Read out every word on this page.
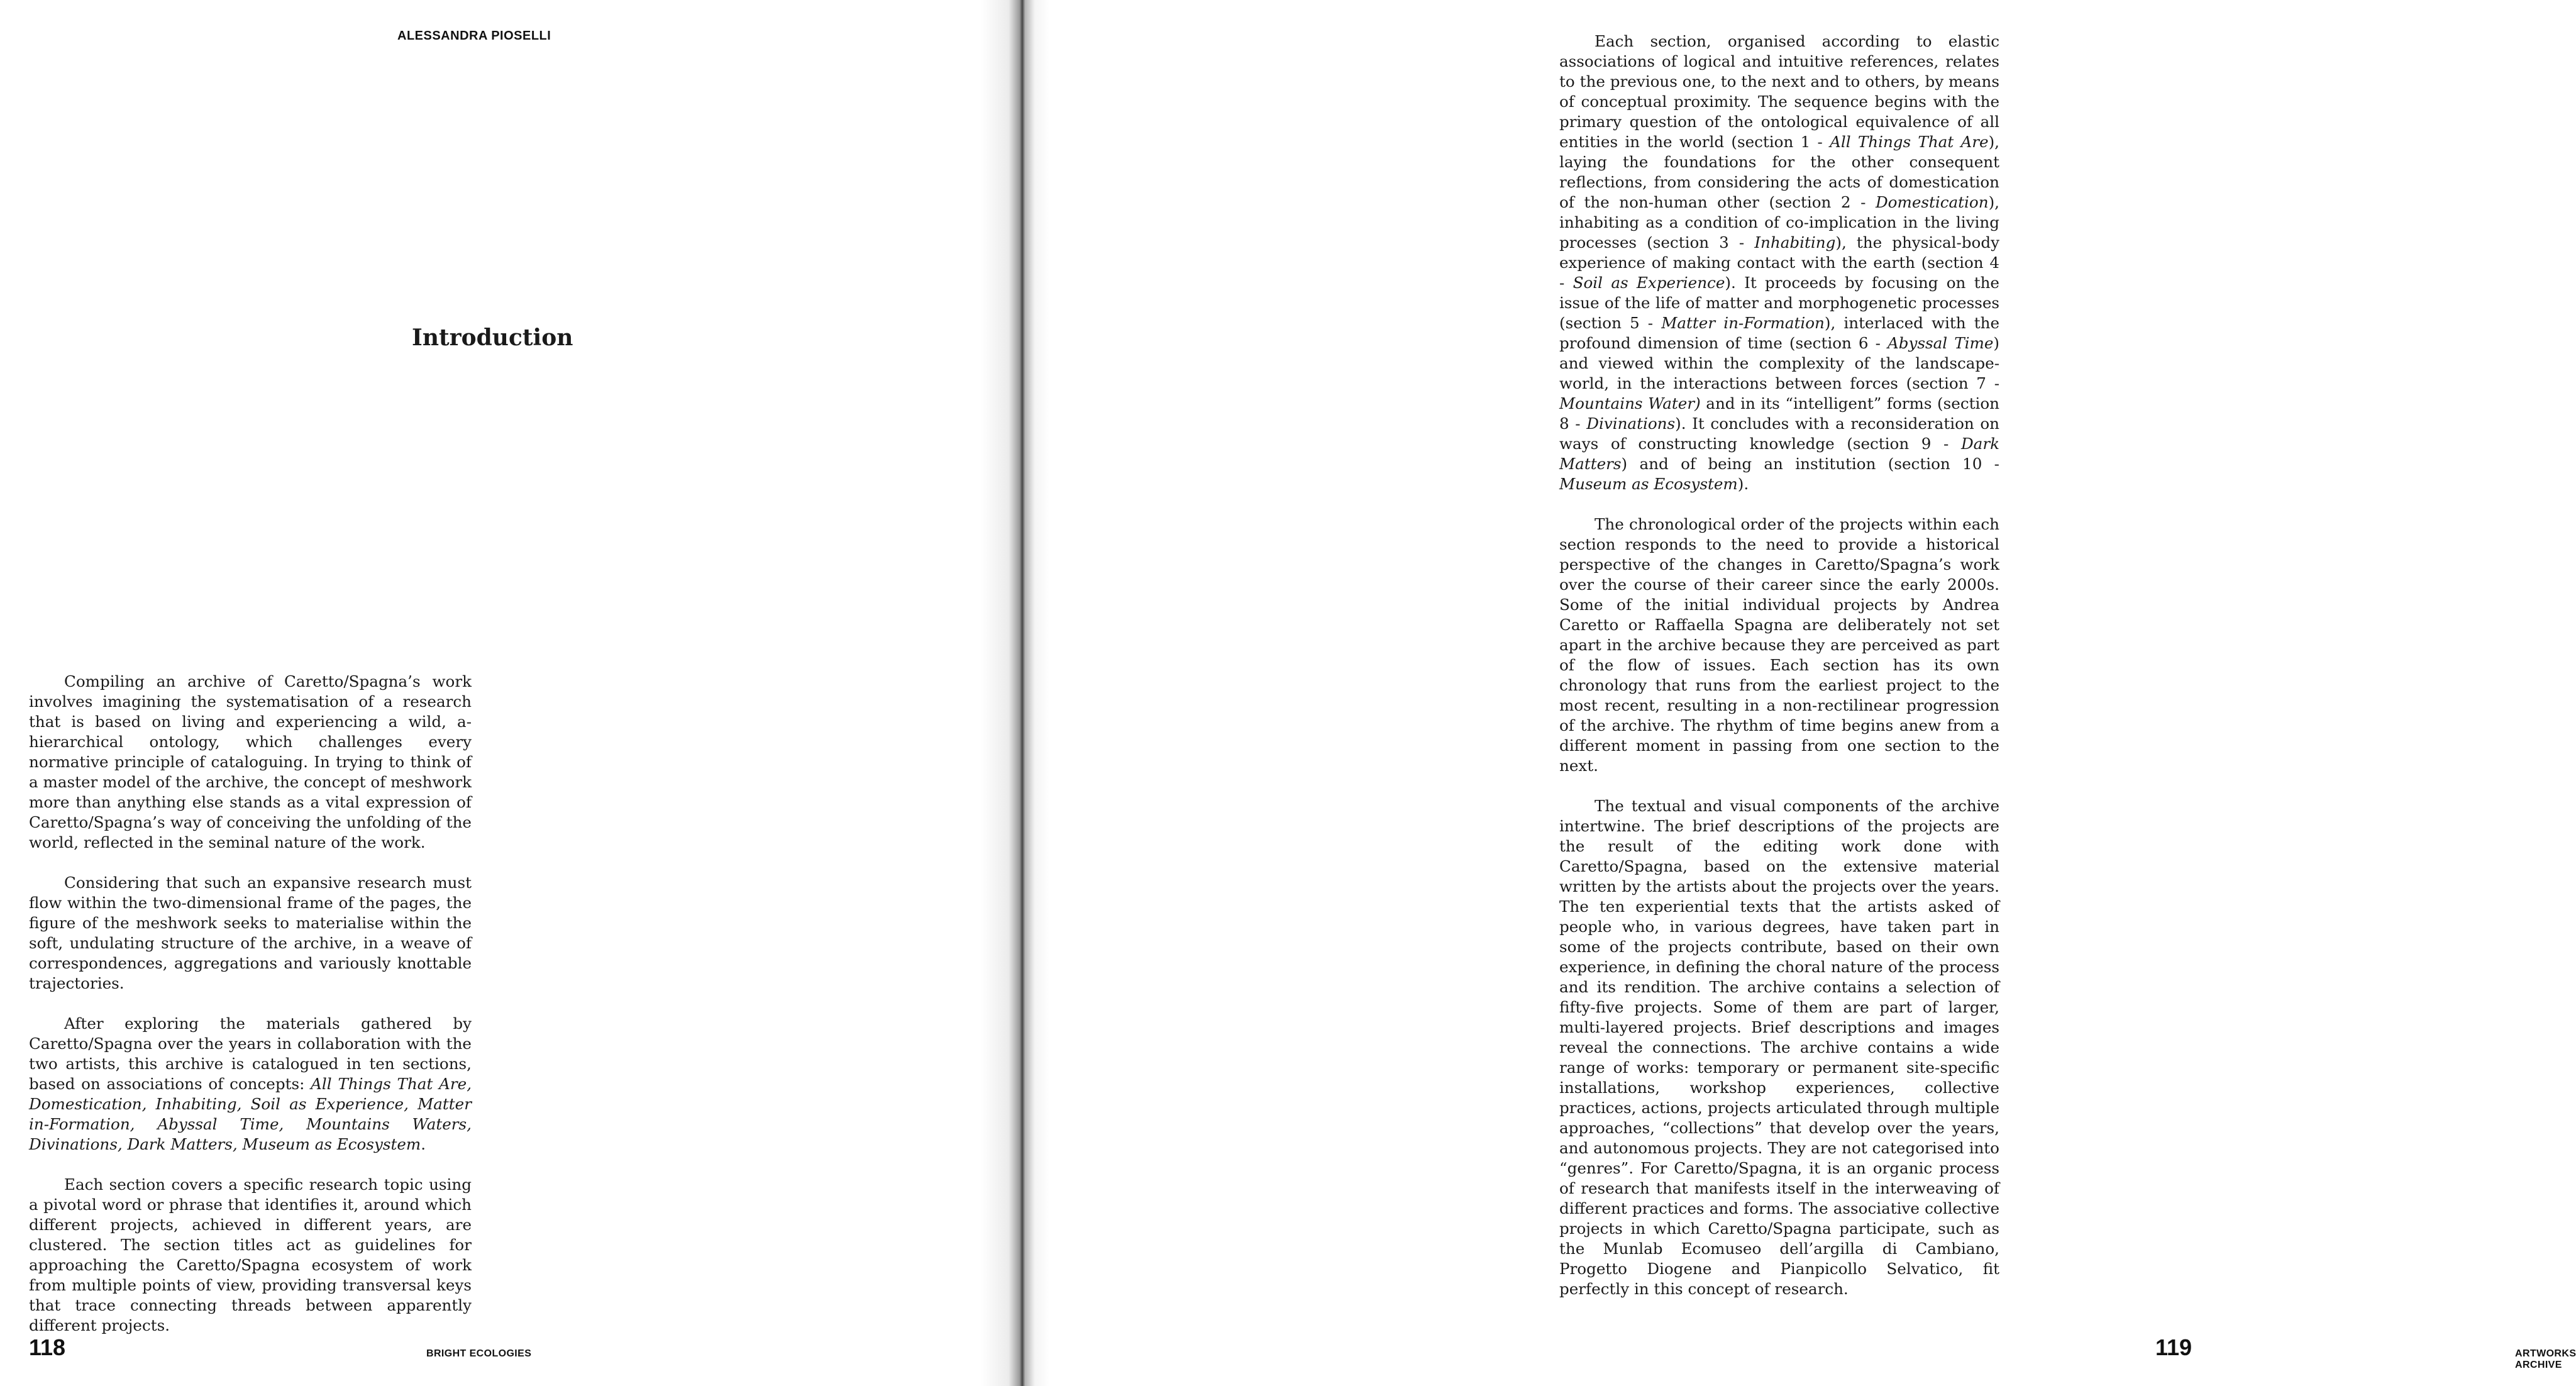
ALESSANDRA PIOSELLI
Introduction

Compiling an archive of Caretto/Spagna’s work involves imagining the systematisation of a research that is based on living and experiencing a wild, a-hierarchical ontology, which challenges every normative principle of cataloguing. In trying to think of a master model of the archive, the concept of meshwork more than anything else stands as a vital expression of Caretto/Spagna’s way of conceiving the unfolding of the world, reflected in the seminal nature of the work.

Considering that such an expansive research must flow within the two-dimensional frame of the pages, the figure of the meshwork seeks to materialise within the soft, undulating structure of the archive, in a weave of correspondences, aggregations and variously knottable trajectories.

After exploring the materials gathered by Caretto/Spagna over the years in collaboration with the two artists, this archive is catalogued in ten sections, based on associations of concepts: All Things That Are, Domestication, Inhabiting, Soil as Experience, Matter in-Formation, Abyssal Time, Mountains Waters, Divinations, Dark Matters, Museum as Ecosystem.

Each section covers a specific research topic using a pivotal word or phrase that identifies it, around which different projects, achieved in different years, are clustered. The section titles act as guidelines for approaching the Caretto/Spagna ecosystem of work from multiple points of view, providing transversal keys that trace connecting threads between apparently different projects.

118	BRIGHT ECOLOGIES	119	ARTWORKS ARCHIVE

Each section, organised according to elastic associations of logical and intuitive references, relates to the previous one, to the next and to others, by means of conceptual proximity. The sequence begins with the primary question of the ontological equivalence of all entities in the world (section 1 - All Things That Are), laying the foundations for the other consequent reflections, from considering the acts of domestication of the non-human other (section 2 - Domestication), inhabiting as a condition of co-implication in the living processes (section 3 - Inhabiting), the physical-body experience of making contact with the earth (section 4 - Soil as Experience). It proceeds by focusing on the issue of the life of matter and morphogenetic processes (section 5 - Matter in-Formation), interlaced with the profound dimension of time (section 6 - Abyssal Time) and viewed within the complexity of the landscape-world, in the interactions between forces (section 7 - Mountains Water) and in its “intelligent” forms (section 8 - Divinations). It concludes with a reconsideration on ways of constructing knowledge (section 9 - Dark Matters) and of being an institution (section 10 - Museum as Ecosystem).

The chronological order of the projects within each section responds to the need to provide a historical perspective of the changes in Caretto/Spagna’s work over the course of their career since the early 2000s. Some of the initial individual projects by Andrea Caretto or Raffaella Spagna are deliberately not set apart in the archive because they are perceived as part of the flow of issues. Each section has its own chronology that runs from the earliest project to the most recent, resulting in a non-rectilinear progression of the archive. The rhythm of time begins anew from a different moment in passing from one section to the next.

The textual and visual components of the archive intertwine. The brief descriptions of the projects are the result of the editing work done with Caretto/Spagna, based on the extensive material written by the artists about the projects over the years. The ten experiential texts that the artists asked of people who, in various degrees, have taken part in some of the projects contribute, based on their own experience, in defining the choral nature of the process and its rendition. The archive contains a selection of fifty-five projects. Some of them are part of larger, multi-layered projects. Brief descriptions and images reveal the connections. The archive contains a wide range of works: temporary or permanent site-specific installations, workshop experiences, collective practices, actions, projects articulated through multiple approaches, “collections” that develop over the years, and autonomous projects. They are not categorised into “genres”. For Caretto/Spagna, it is an organic process of research that manifests itself in the interweaving of different practices and forms. The associative collective projects in which Caretto/Spagna participate, such as the Munlab Ecomuseo dell’argilla di Cambiano, Progetto Diogene and Pianpicollo Selvatico, fit perfectly in this concept of research.
